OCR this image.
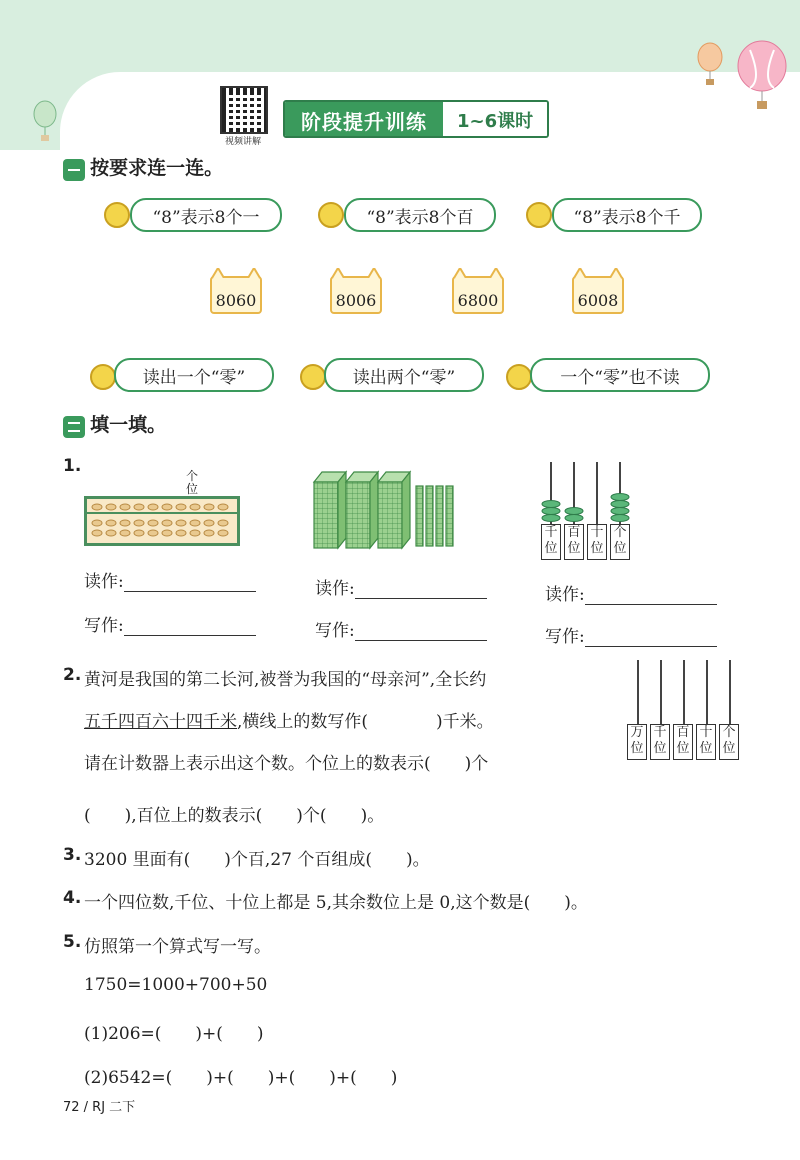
视频讲解
阶段提升训练	1~6课时
按要求连一连。
“8”表示8个一	“8”表示8个百	“8”表示8个千
8060	8006	6800	6008
读出一个“零”	读出两个“零”	一个“零”也不读
填一填。
1.	个位
千位
百位
十位
个位
读作:
写作:
读作:
写作:
读作:
写作:
2. 黄河是我国的第二长河,被誉为我国的“母亲河”,全长约
五千四百六十四千米,横线上的数写作(　　　　)千米。
请在计数器上表示出这个数。个位上的数表示(　　)个
(　　),百位上的数表示(　　)个(　　)。
万位
千位
百位
十位
个位
3. 3200 里面有(　　)个百,27 个百组成(　　)。
4. 一个四位数,千位、十位上都是 5,其余数位上是 0,这个数是(　　)。
5. 仿照第一个算式写一写。
1750=1000+700+50
(1)206=(　　)+(　　)
(2)6542=(　　)+(　　)+(　　)+(　　)
72 / RJ 二下
